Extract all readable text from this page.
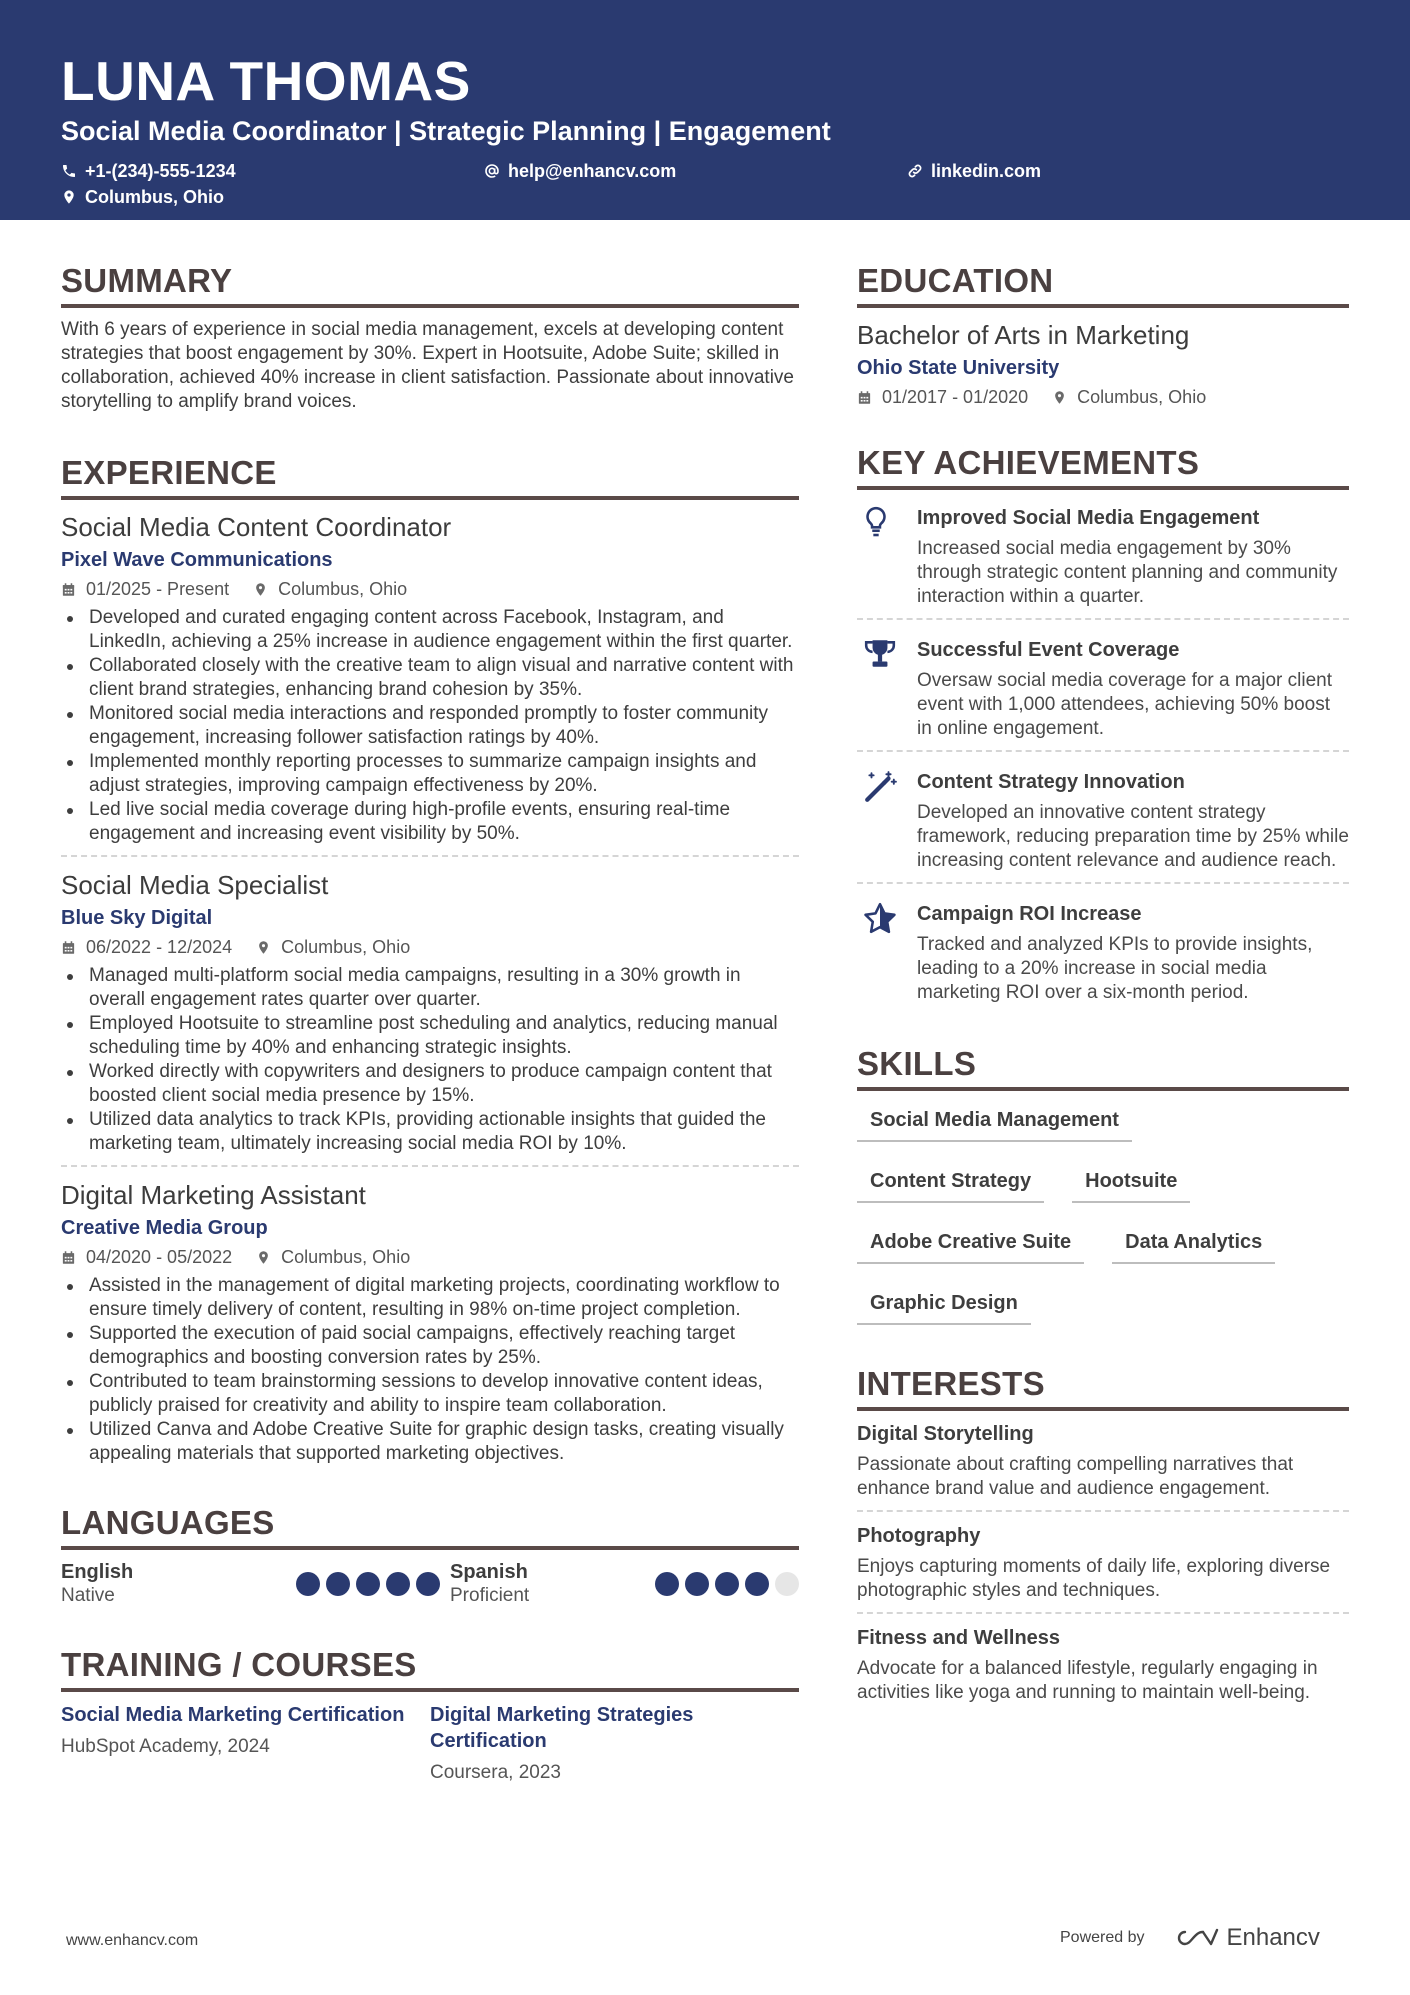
LUNA THOMAS
Social Media Coordinator | Strategic Planning | Engagement
+1-(234)-555-1234	help@enhancv.com	linkedin.com
Columbus, Ohio
SUMMARY
With 6 years of experience in social media management, excels at developing content strategies that boost engagement by 30%. Expert in Hootsuite, Adobe Suite; skilled in collaboration, achieved 40% increase in client satisfaction. Passionate about innovative storytelling to amplify brand voices.
EXPERIENCE
Social Media Content Coordinator
Pixel Wave Communications
01/2025 - Present	Columbus, Ohio
Developed and curated engaging content across Facebook, Instagram, and LinkedIn, achieving a 25% increase in audience engagement within the first quarter.
Collaborated closely with the creative team to align visual and narrative content with client brand strategies, enhancing brand cohesion by 35%.
Monitored social media interactions and responded promptly to foster community engagement, increasing follower satisfaction ratings by 40%.
Implemented monthly reporting processes to summarize campaign insights and adjust strategies, improving campaign effectiveness by 20%.
Led live social media coverage during high-profile events, ensuring real-time engagement and increasing event visibility by 50%.
Social Media Specialist
Blue Sky Digital
06/2022 - 12/2024	Columbus, Ohio
Managed multi-platform social media campaigns, resulting in a 30% growth in overall engagement rates quarter over quarter.
Employed Hootsuite to streamline post scheduling and analytics, reducing manual scheduling time by 40% and enhancing strategic insights.
Worked directly with copywriters and designers to produce campaign content that boosted client social media presence by 15%.
Utilized data analytics to track KPIs, providing actionable insights that guided the marketing team, ultimately increasing social media ROI by 10%.
Digital Marketing Assistant
Creative Media Group
04/2020 - 05/2022	Columbus, Ohio
Assisted in the management of digital marketing projects, coordinating workflow to ensure timely delivery of content, resulting in 98% on-time project completion.
Supported the execution of paid social campaigns, effectively reaching target demographics and boosting conversion rates by 25%.
Contributed to team brainstorming sessions to develop innovative content ideas, publicly praised for creativity and ability to inspire team collaboration.
Utilized Canva and Adobe Creative Suite for graphic design tasks, creating visually appealing materials that supported marketing objectives.
LANGUAGES
English
Native
Spanish
Proficient
TRAINING / COURSES
Social Media Marketing Certification
HubSpot Academy, 2024
Digital Marketing Strategies Certification
Coursera, 2023
EDUCATION
Bachelor of Arts in Marketing
Ohio State University
01/2017 - 01/2020	Columbus, Ohio
KEY ACHIEVEMENTS
Improved Social Media Engagement
Increased social media engagement by 30% through strategic content planning and community interaction within a quarter.
Successful Event Coverage
Oversaw social media coverage for a major client event with 1,000 attendees, achieving 50% boost in online engagement.
Content Strategy Innovation
Developed an innovative content strategy framework, reducing preparation time by 25% while increasing content relevance and audience reach.
Campaign ROI Increase
Tracked and analyzed KPIs to provide insights, leading to a 20% increase in social media marketing ROI over a six-month period.
SKILLS
Social Media Management
Content Strategy	Hootsuite
Adobe Creative Suite	Data Analytics
Graphic Design
INTERESTS
Digital Storytelling
Passionate about crafting compelling narratives that enhance brand value and audience engagement.
Photography
Enjoys capturing moments of daily life, exploring diverse photographic styles and techniques.
Fitness and Wellness
Advocate for a balanced lifestyle, regularly engaging in activities like yoga and running to maintain well-being.
www.enhancv.com	Powered by	Enhancv
